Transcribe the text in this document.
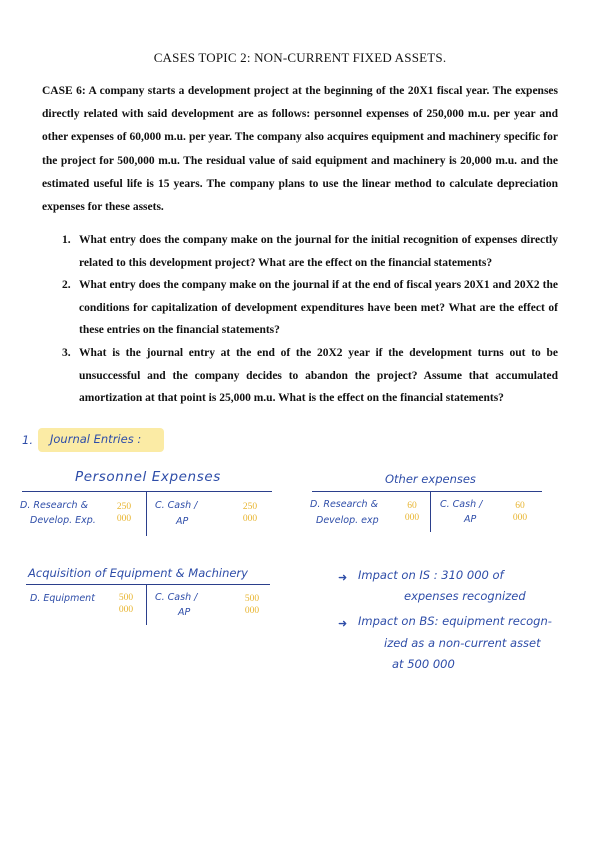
CASES TOPIC 2: NON-CURRENT FIXED ASSETS.
CASE 6: A company starts a development project at the beginning of the 20X1 fiscal year. The expenses directly related with said development are as follows: personnel expenses of 250,000 m.u. per year and other expenses of 60,000 m.u. per year. The company also acquires equipment and machinery specific for the project for 500,000 m.u. The residual value of said equipment and machinery is 20,000 m.u. and the estimated useful life is 15 years. The company plans to use the linear method to calculate depreciation expenses for these assets.
1. What entry does the company make on the journal for the initial recognition of expenses directly related to this development project? What are the effect on the financial statements?
2. What entry does the company make on the journal if at the end of fiscal years 20X1 and 20X2 the conditions for capitalization of development expenditures have been met? What are the effect of these entries on the financial statements?
3. What is the journal entry at the end of the 20X2 year if the development turns out to be unsuccessful and the company decides to abandon the project? Assume that accumulated amortization at that point is 25,000 m.u. What is the effect on the financial statements?
1. Journal Entries :
Personnel Expenses
D. Research &
Develop. Exp.
250
000
C. Cash /
AP
250
000
Other expenses
D. Research &
Develop. exp
60
000
C. Cash /
AP
60
000
Acquisition of Equipment & Machinery
D. Equipment	500
000
C. Cash /
AP
500
000
➜ Impact on IS : 310 000 of
expenses recognized
➜ Impact on BS: equipment recogn-
ized as a non-current asset
at 500 000
